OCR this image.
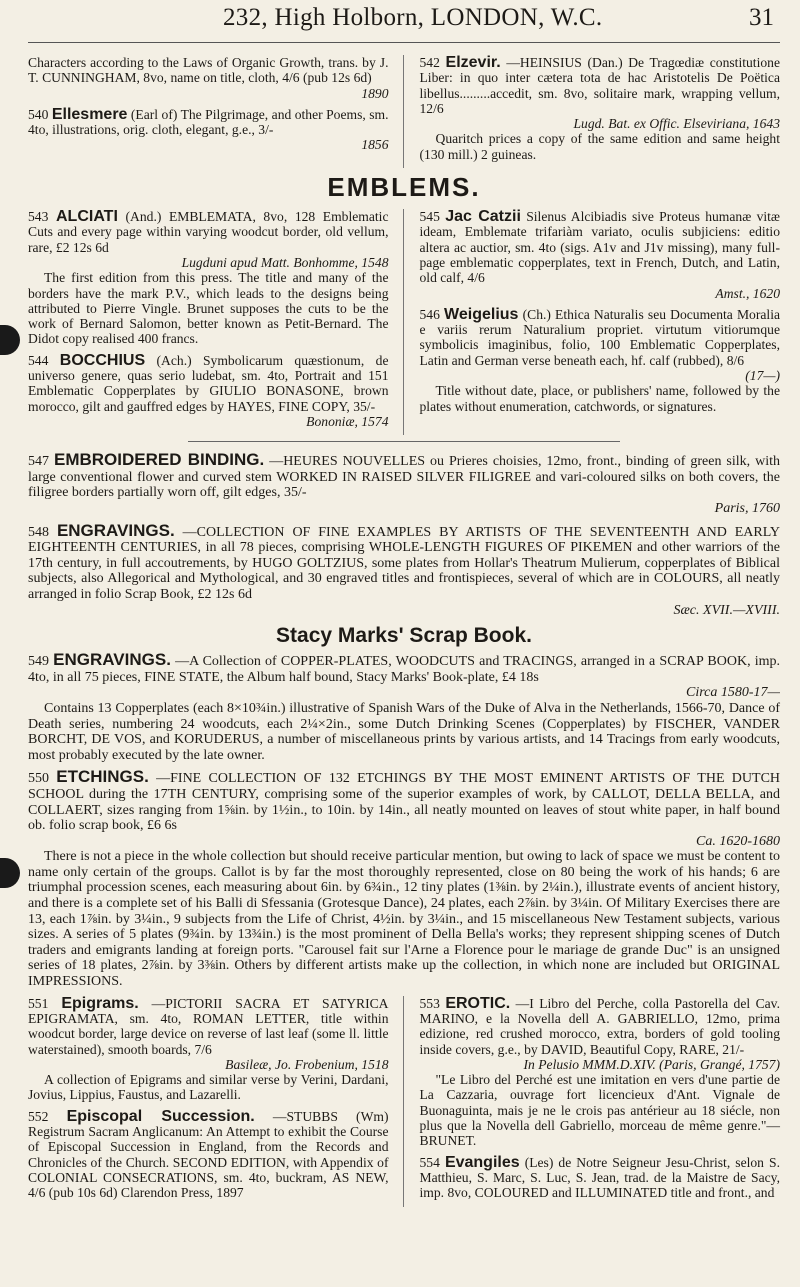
232, High Holborn, LONDON, W.C.	31

Characters according to the Laws of Organic Growth, trans. by J. T. CUNNINGHAM, 8vo, name on title, cloth, 4/6 (pub 12s 6d)
1890

540 Ellesmere (Earl of) The Pilgrimage, and other Poems, sm. 4to, illustrations, orig. cloth, elegant, g.e., 3/-
1856

542 Elzevir. —HEINSIUS (Dan.) De Tragœdiæ constitutione Liber: in quo inter cætera tota de hac Aristotelis De Poëtica libellus.........accedit, sm. 8vo, solitaire mark, wrapping vellum, 12/6
Lugd. Bat. ex Offic. Elseviriana, 1643
Quaritch prices a copy of the same edition and same height (130 mill.) 2 guineas.

EMBLEMS.

543 ALCIATI (And.) EMBLEMATA, 8vo, 128 Emblematic Cuts and every page within varying woodcut border, old vellum, rare, £2 12s 6d
Lugduni apud Matt. Bonhomme, 1548
The first edition from this press. The title and many of the borders have the mark P.V., which leads to the designs being attributed to Pierre Vingle. Brunet supposes the cuts to be the work of Bernard Salomon, better known as Petit-Bernard. The Didot copy realised 400 francs.

544 BOCCHIUS (Ach.) Symbolicarum quæstionum, de universo genere, quas serio ludebat, sm. 4to, Portrait and 151 Emblematic Copperplates by GIULIO BONASONE, brown morocco, gilt and gauffred edges by HAYES, FINE COPY, 35/-
Bononiæ, 1574

545 Jac Catzii Silenus Alcibiadis sive Proteus humanæ vitæ ideam, Emblemate trifariàm variato, oculis subjiciens: editio altera ac auctior, sm. 4to (sigs. A1v and J1v missing), many full-page emblematic copperplates, text in French, Dutch, and Latin, old calf, 4/6
Amst., 1620

546 Weigelius (Ch.) Ethica Naturalis seu Documenta Moralia e variis rerum Naturalium propriet. virtutum vitiorumque symbolicis imaginibus, folio, 100 Emblematic Copperplates, Latin and German verse beneath each, hf. calf (rubbed), 8/6
(17—)
Title without date, place, or publishers' name, followed by the plates without enumeration, catchwords, or signatures.

547 EMBROIDERED BINDING. —HEURES NOUVELLES ou Prieres choisies, 12mo, front., binding of green silk, with large conventional flower and curved stem WORKED IN RAISED SILVER FILIGREE and vari-coloured silks on both covers, the filigree borders partially worn off, gilt edges, 35/-
Paris, 1760

548 ENGRAVINGS. —COLLECTION OF FINE EXAMPLES BY ARTISTS OF THE SEVENTEENTH AND EARLY EIGHTEENTH CENTURIES, in all 78 pieces, comprising WHOLE-LENGTH FIGURES OF PIKEMEN and other warriors of the 17th century, in full accoutrements, by HUGO GOLTZIUS, some plates from Hollar's Theatrum Mulierum, copperplates of Biblical subjects, also Allegorical and Mythological, and 30 engraved titles and frontispieces, several of which are in COLOURS, all neatly arranged in folio Scrap Book, £2 12s 6d
Sæc. XVII.—XVIII.

Stacy Marks' Scrap Book.

549 ENGRAVINGS. —A Collection of COPPER-PLATES, WOODCUTS and TRACINGS, arranged in a SCRAP BOOK, imp. 4to, in all 75 pieces, FINE STATE, the Album half bound, Stacy Marks' Book-plate, £4 18s
Circa 1580-17—
Contains 13 Copperplates (each 8×10¾in.) illustrative of Spanish Wars of the Duke of Alva in the Netherlands, 1566-70, Dance of Death series, numbering 24 woodcuts, each 2¼×2in., some Dutch Drinking Scenes (Copperplates) by FISCHER, VANDER BORCHT, DE VOS, and KORUDERUS, a number of miscellaneous prints by various artists, and 14 Tracings from early woodcuts, most probably executed by the late owner.

550 ETCHINGS. —FINE COLLECTION OF 132 ETCHINGS BY THE MOST EMINENT ARTISTS OF THE DUTCH SCHOOL during the 17TH CENTURY, comprising some of the superior examples of work, by CALLOT, DELLA BELLA, and COLLAERT, sizes ranging from 1⅝in. by 1½in., to 10in. by 14in., all neatly mounted on leaves of stout white paper, in half bound ob. folio scrap book, £6 6s
Ca. 1620-1680
There is not a piece in the whole collection but should receive particular mention, but owing to lack of space we must be content to name only certain of the groups. Callot is by far the most thoroughly represented, close on 80 being the work of his hands; 6 are triumphal procession scenes, each measuring about 6in. by 6¾in., 12 tiny plates (1⅜in. by 2¼in.), illustrate events of ancient history, and there is a complete set of his Balli di Sfessania (Grotesque Dance), 24 plates, each 2⅞in. by 3¼in. Of Military Exercises there are 13, each 1⅞in. by 3¼in., 9 subjects from the Life of Christ, 4½in. by 3¼in., and 15 miscellaneous New Testament subjects, various sizes. A series of 5 plates (9¾in. by 13¾in.) is the most prominent of Della Bella's works; they represent shipping scenes of Dutch traders and emigrants landing at foreign ports. "Carousel fait sur l'Arne a Florence pour le mariage de grande Duc" is an unsigned series of 18 plates, 2⅞in. by 3⅜in. Others by different artists make up the collection, in which none are included but ORIGINAL IMPRESSIONS.

551 Epigrams. —PICTORII SACRA ET SATYRICA EPIGRAMATA, sm. 4to, ROMAN LETTER, title within woodcut border, large device on reverse of last leaf (some ll. little waterstained), smooth boards, 7/6
Basileæ, Jo. Frobenium, 1518
A collection of Epigrams and similar verse by Verini, Dardani, Jovius, Lippius, Faustus, and Lazarelli.

552 Episcopal Succession. —STUBBS (Wm) Registrum Sacram Anglicanum: An Attempt to exhibit the Course of Episcopal Succession in England, from the Records and Chronicles of the Church. SECOND EDITION, with Appendix of COLONIAL CONSECRATIONS, sm. 4to, buckram, AS NEW, 4/6 (pub 10s 6d) Clarendon Press, 1897

553 EROTIC. —I Libro del Perche, colla Pastorella del Cav. MARINO, e la Novella dell A. GABRIELLO, 12mo, prima edizione, red crushed morocco, extra, borders of gold tooling inside covers, g.e., by DAVID, Beautiful Copy, RARE, 21/-
In Pelusio MMM.D.XIV. (Paris, Grangé, 1757)
"Le Libro del Perché est une imitation en vers d'une partie de La Cazzaria, ouvrage fort licencieux d'Ant. Vignale de Buonaguinta, mais je ne le crois pas antérieur au 18 siécle, non plus que la Novella dell Gabriello, morceau de même genre."—BRUNET.

554 Evangiles (Les) de Notre Seigneur Jesu-Christ, selon S. Matthieu, S. Marc, S. Luc, S. Jean, trad. de la Maistre de Sacy, imp. 8vo, COLOURED and ILLUMINATED title and front., and
